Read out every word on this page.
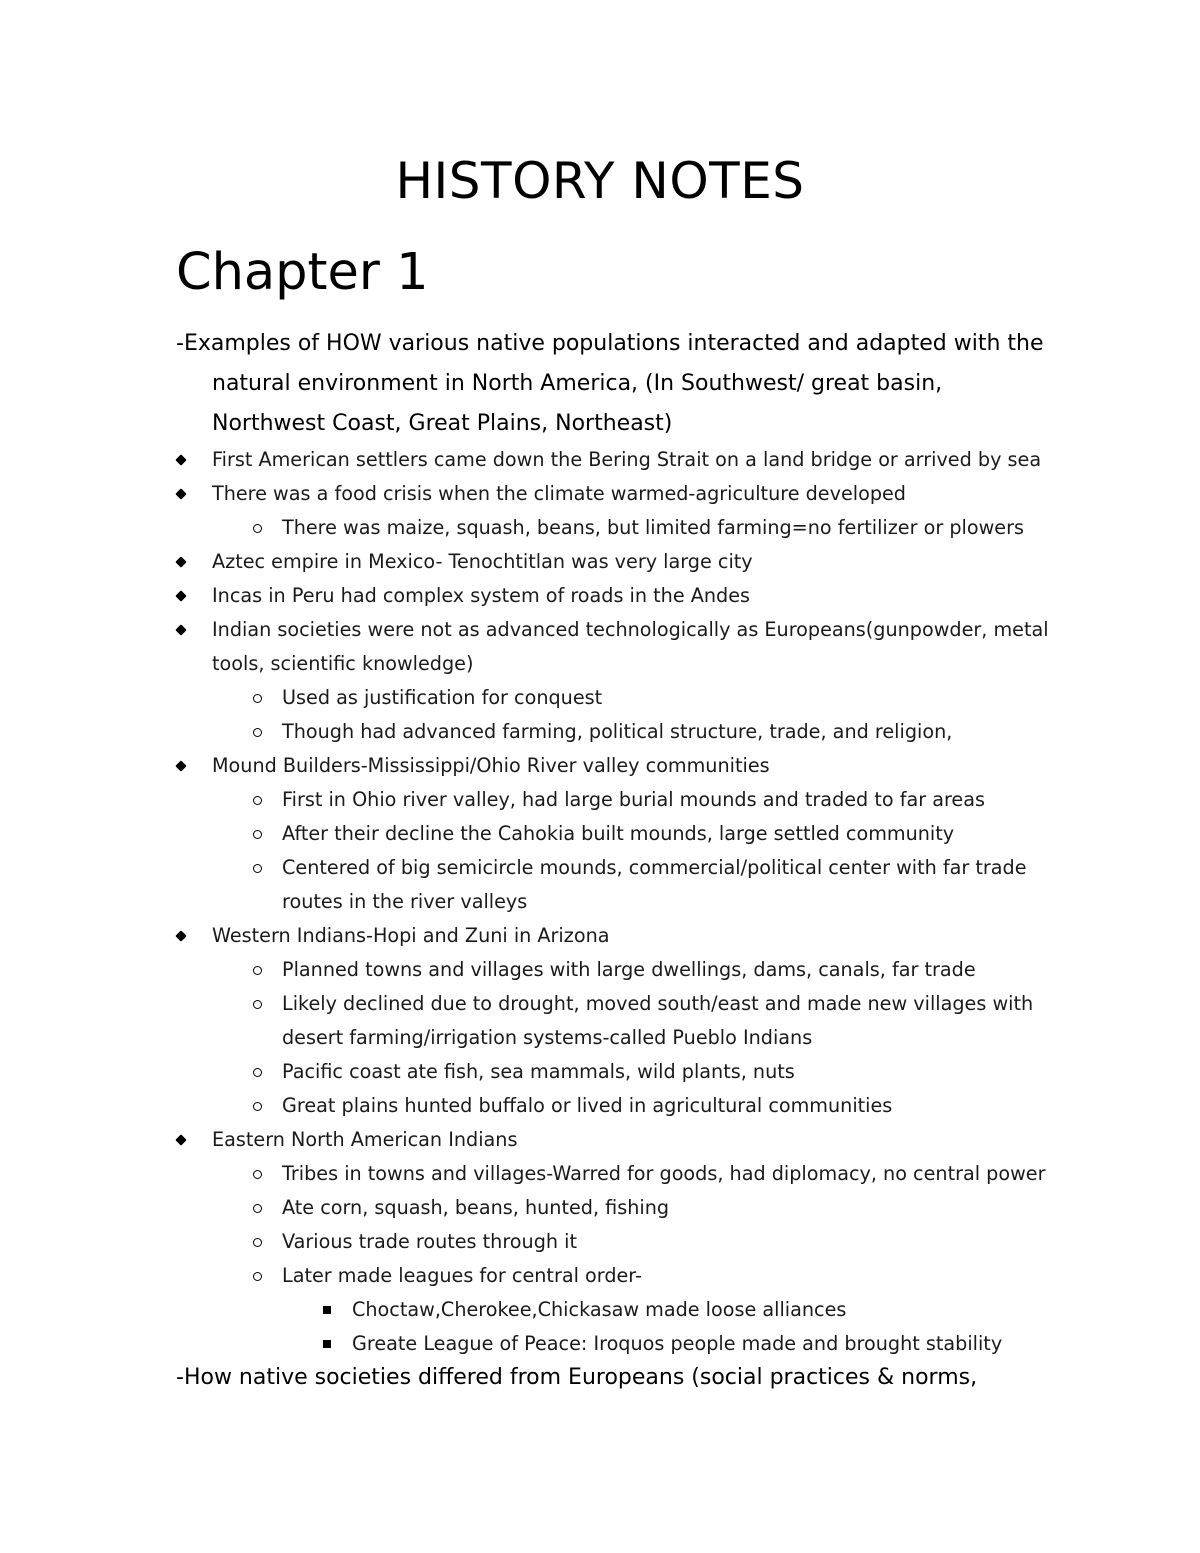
HISTORY NOTES
Chapter 1

-Examples of HOW various native populations interacted and adapted with the natural environment in North America, (In Southwest/ great basin, Northwest Coast, Great Plains, Northeast)

First American settlers came down the Bering Strait on a land bridge or arrived by sea
There was a food crisis when the climate warmed-agriculture developed
There was maize, squash, beans, but limited farming=no fertilizer or plowers
Aztec empire in Mexico- Tenochtitlan was very large city
Incas in Peru had complex system of roads in the Andes
Indian societies were not as advanced technologically as Europeans(gunpowder, metal tools, scientific knowledge)
Used as justification for conquest
Though had advanced farming, political structure, trade, and religion,
Mound Builders-Mississippi/Ohio River valley communities
First in Ohio river valley, had large burial mounds and traded to far areas
After their decline the Cahokia built mounds, large settled community
Centered of big semicircle mounds, commercial/political center with far trade routes in the river valleys
Western Indians-Hopi and Zuni in Arizona
Planned towns and villages with large dwellings, dams, canals, far trade
Likely declined due to drought, moved south/east and made new villages with desert farming/irrigation systems-called Pueblo Indians
Pacific coast ate fish, sea mammals, wild plants, nuts
Great plains hunted buffalo or lived in agricultural communities
Eastern North American Indians
Tribes in towns and villages-Warred for goods, had diplomacy, no central power
Ate corn, squash, beans, hunted, fishing
Various trade routes through it
Later made leagues for central order-
Choctaw,Cherokee,Chickasaw made loose alliances
Greate League of Peace: Iroquos people made and brought stability

-How native societies differed from Europeans (social practices & norms,
